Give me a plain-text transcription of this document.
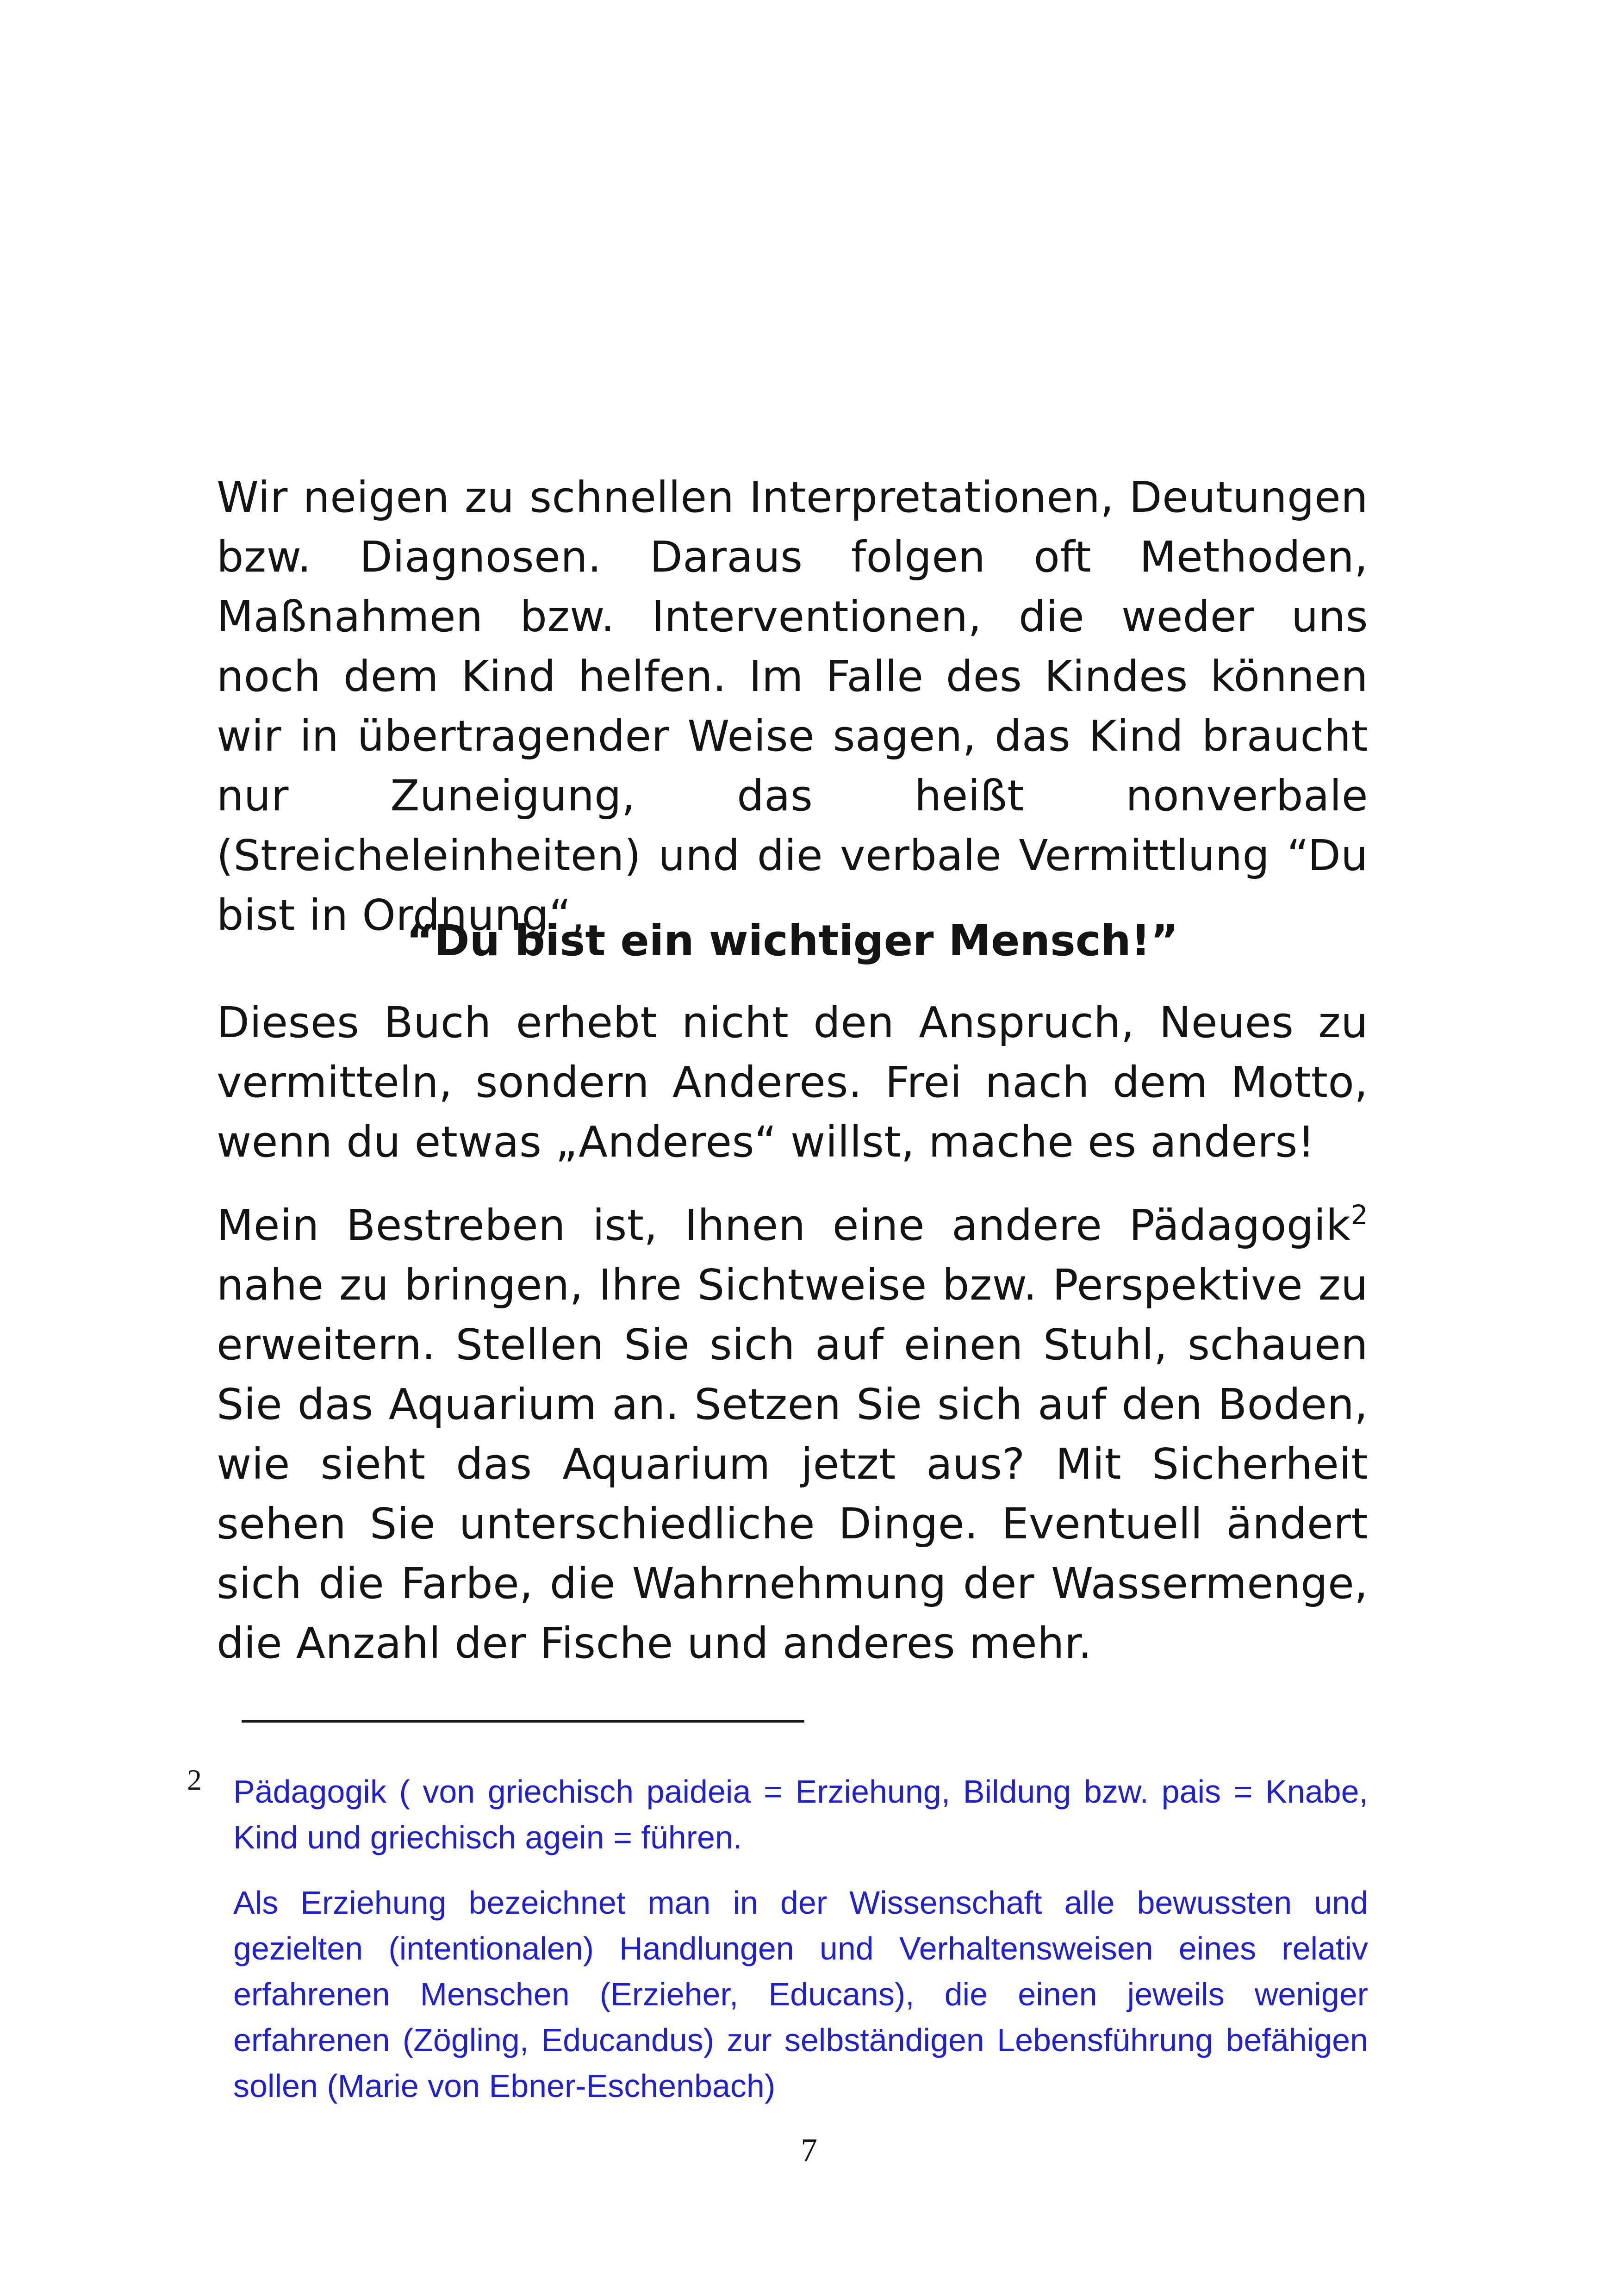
Wir neigen zu schnellen Interpretationen, Deutungen bzw. Diagnosen. Daraus folgen oft Methoden, Maßnahmen bzw. Interventionen, die weder uns noch dem Kind helfen. Im Falle des Kindes können wir in übertragender Weise sagen, das Kind braucht nur Zuneigung, das heißt nonverbale (Streicheleinheiten) und die verbale Vermittlung “Du bist in Ordnung“,

“Du bist ein wichtiger Mensch!”

Dieses Buch erhebt nicht den Anspruch, Neues zu vermitteln, sondern Anderes. Frei nach dem Motto, wenn du etwas „Anderes“ willst, mache es anders!

Mein Bestreben ist, Ihnen eine andere Pädagogik$^2$ nahe zu bringen, Ihre Sichtweise bzw. Perspektive zu erweitern. Stellen Sie sich auf einen Stuhl, schauen Sie das Aquarium an. Setzen Sie sich auf den Boden, wie sieht das Aquarium jetzt aus? Mit Sicherheit sehen Sie unterschiedliche Dinge. Eventuell ändert sich die Farbe, die Wahrnehmung der Wassermenge, die Anzahl der Fische und anderes mehr.

2 Pädagogik ( von griechisch paideia = Erziehung, Bildung bzw. pais = Knabe, Kind und griechisch agein = führen.

Als Erziehung bezeichnet man in der Wissenschaft alle bewussten und gezielten (intentionalen) Handlungen und Verhaltensweisen eines relativ erfahrenen Menschen (Erzieher, Educans), die einen jeweils weniger erfahrenen (Zögling, Educandus) zur selbständigen Lebensführung befähigen sollen (Marie von Ebner-Eschenbach)

7
